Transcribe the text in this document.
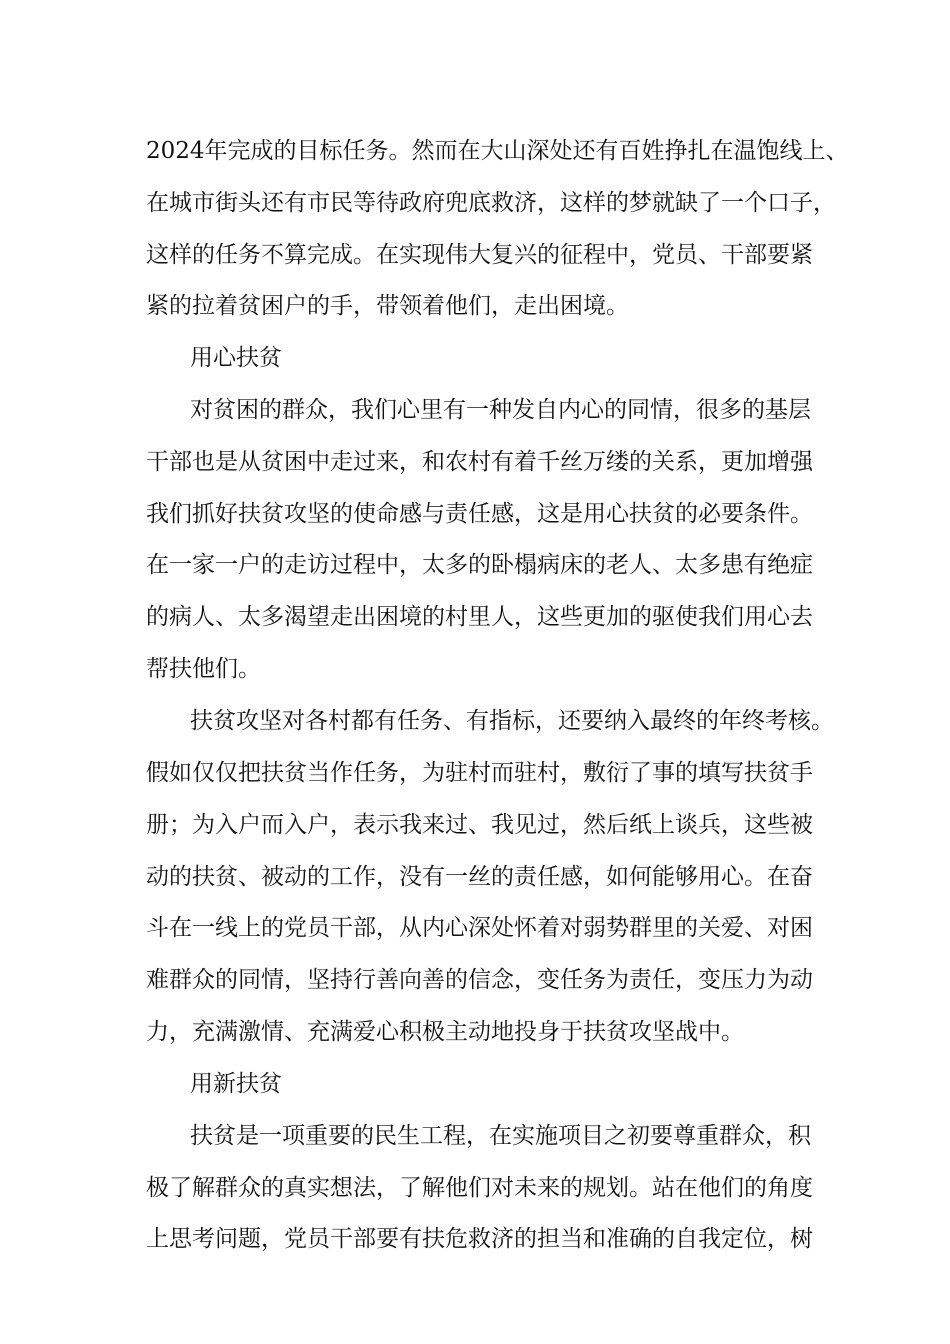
2024年完成的目标任务。然而在大山深处还有百姓挣扎在温饱线上、
在城市街头还有市民等待政府兜底救济，这样的梦就缺了一个口子，
这样的任务不算完成。在实现伟大复兴的征程中，党员、干部要紧
紧的拉着贫困户的手，带领着他们，走出困境。
用心扶贫
对贫困的群众，我们心里有一种发自内心的同情，很多的基层
干部也是从贫困中走过来，和农村有着千丝万缕的关系，更加增强
我们抓好扶贫攻坚的使命感与责任感，这是用心扶贫的必要条件。
在一家一户的走访过程中，太多的卧榻病床的老人、太多患有绝症
的病人、太多渴望走出困境的村里人，这些更加的驱使我们用心去
帮扶他们。
扶贫攻坚对各村都有任务、有指标，还要纳入最终的年终考核。
假如仅仅把扶贫当作任务，为驻村而驻村，敷衍了事的填写扶贫手
册；为入户而入户，表示我来过、我见过，然后纸上谈兵，这些被
动的扶贫、被动的工作，没有一丝的责任感，如何能够用心。在奋
斗在一线上的党员干部，从内心深处怀着对弱势群里的关爱、对困
难群众的同情，坚持行善向善的信念，变任务为责任，变压力为动
力，充满激情、充满爱心积极主动地投身于扶贫攻坚战中。
用新扶贫
扶贫是一项重要的民生工程，在实施项目之初要尊重群众，积
极了解群众的真实想法，了解他们对未来的规划。站在他们的角度
上思考问题，党员干部要有扶危救济的担当和准确的自我定位，树
